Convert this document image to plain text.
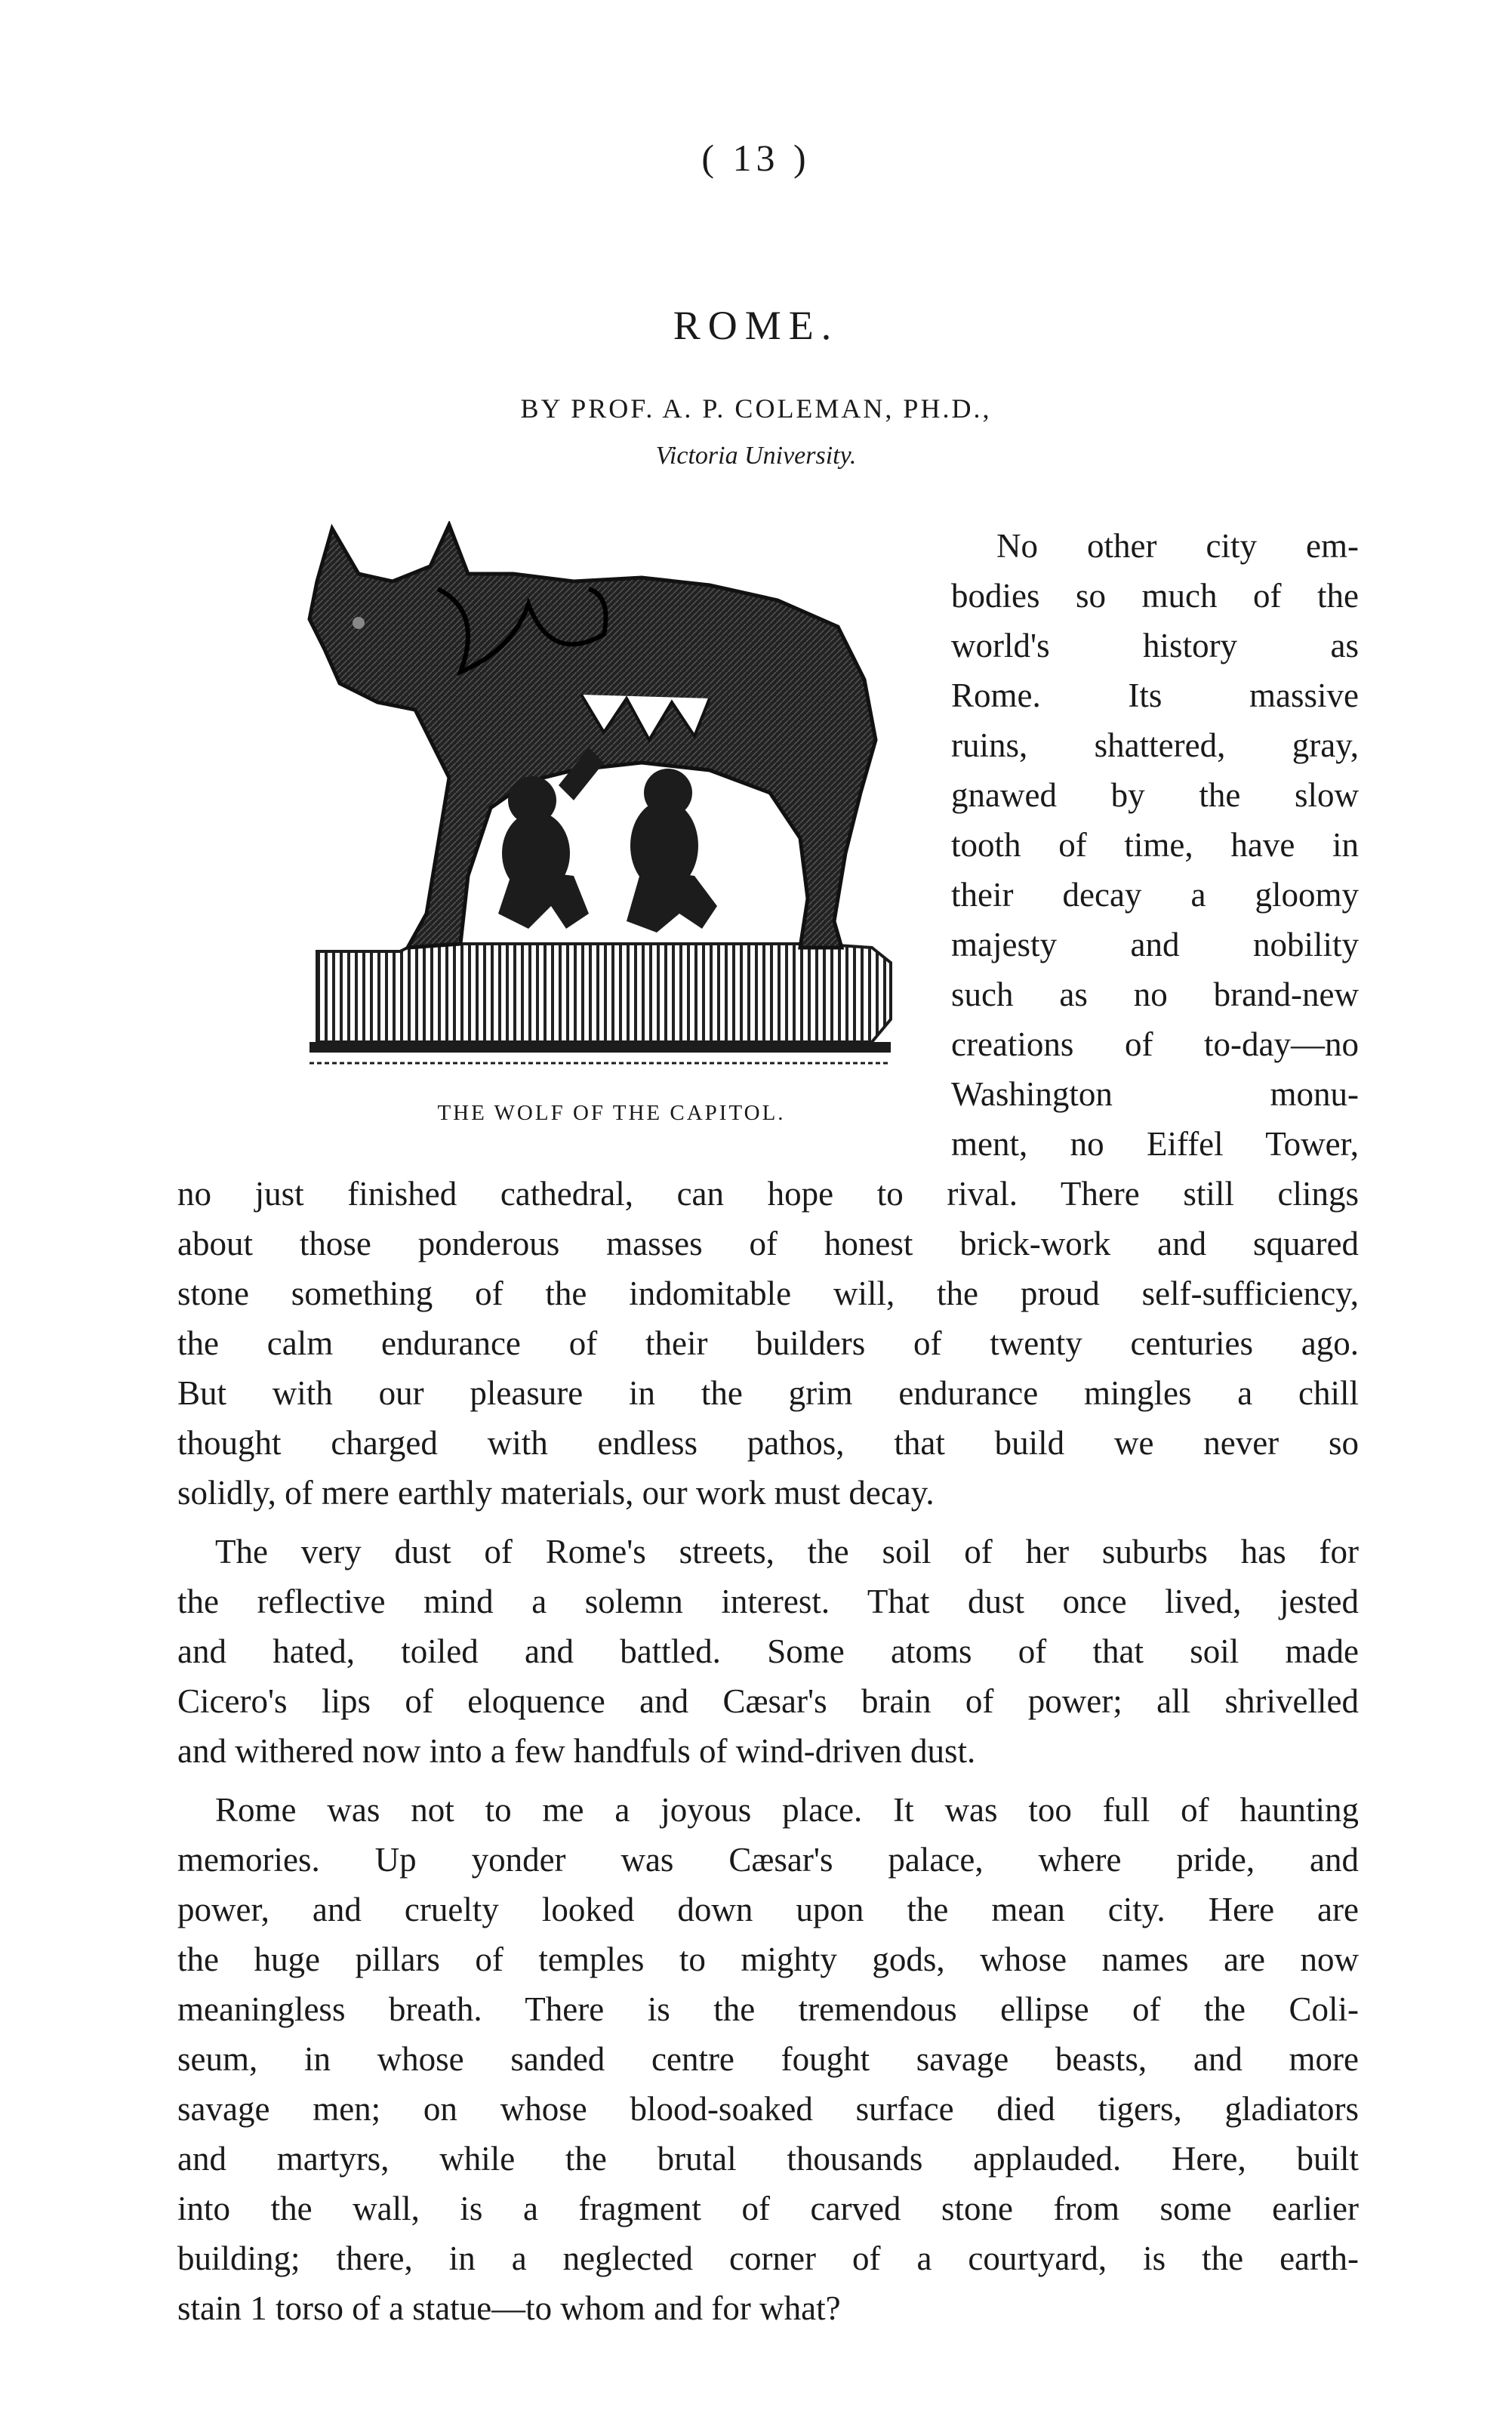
( 13 )
ROME.
BY PROF. A. P. COLEMAN, PH.D.,
Victoria University.
THE WOLF OF THE CAPITOL.
No other city em-
bodies so much of the
world's history as
Rome. Its massive
ruins, shattered, gray,
gnawed by the slow
tooth of time, have in
their decay a gloomy
majesty and nobility
such as no brand-new
creations of to-day—no
Washington monu-
ment, no Eiffel Tower,
no just finished cathedral, can hope to rival. There still clings
about those ponderous masses of honest brick-work and squared
stone something of the indomitable will, the proud self-sufficiency,
the calm endurance of their builders of twenty centuries ago.
But with our pleasure in the grim endurance mingles a chill
thought charged with endless pathos, that build we never so
solidly, of mere earthly materials, our work must decay.
The very dust of Rome's streets, the soil of her suburbs has for
the reflective mind a solemn interest. That dust once lived, jested
and hated, toiled and battled. Some atoms of that soil made
Cicero's lips of eloquence and Cæsar's brain of power; all shrivelled
and withered now into a few handfuls of wind-driven dust.
Rome was not to me a joyous place. It was too full of haunting
memories. Up yonder was Cæsar's palace, where pride, and
power, and cruelty looked down upon the mean city. Here are
the huge pillars of temples to mighty gods, whose names are now
meaningless breath. There is the tremendous ellipse of the Coli-
seum, in whose sanded centre fought savage beasts, and more
savage men; on whose blood-soaked surface died tigers, gladiators
and martyrs, while the brutal thousands applauded. Here, built
into the wall, is a fragment of carved stone from some earlier
building; there, in a neglected corner of a courtyard, is the earth-
stain 1 torso of a statue—to whom and for what?
